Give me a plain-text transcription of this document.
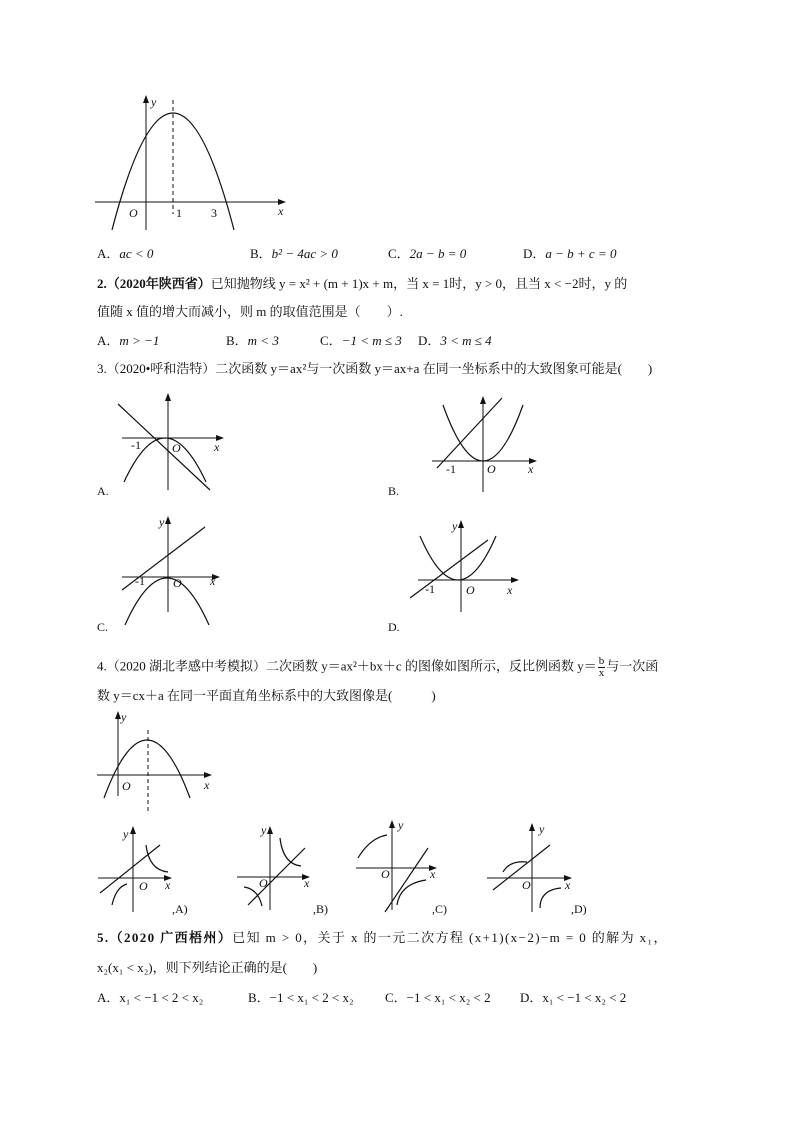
y
O	1 3	x
-1	O	x
A.
-1	O	x
B.
y
-1 O x
C.
y
-1	O	x
D.
y
O	x
y
O x
,A)
y
O	x
,B)
y
O	x
,C)
y
O	x
,D)
A．ac < 0	B．b² − 4ac > 0	C．2a − b = 0	D．a − b + c = 0
2.（2020年陕西省）已知抛物线 y = x² + (m + 1)x + m，当 x = 1时，y > 0，且当 x < −2时，y 的
值随 x 值的增大而减小，则 m 的取值范围是（　　）.
A．m > −1	B．m < 3	C．−1 < m ≤ 3 D．3 < m ≤ 4
3.（2020•呼和浩特）二次函数 y＝ax²与一次函数 y＝ax+a 在同一坐标系中的大致图象可能是(　　)
4.（2020 湖北孝感中考模拟）二次函数 y＝ax²＋bx＋c 的图像如图所示，反比例函数 $y= \frac{b}{x}$ 与一次函
数 y＝cx＋a 在同一平面直角坐标系中的大致图像是(　　　)
5.（2020 广西梧州）已知 m > 0，关于 x 的一元二次方程 (x+1)(x−2)−m = 0 的解为 x₁，
x₂(x₁ < x₂)，则下列结论正确的是(　　)
A．x₁ < −1 < 2 < x₂	B．−1 < x₁ < 2 < x₂ C．−1 < x₁ < x₂ < 2 D．x₁ < −1 < x₂ < 2
